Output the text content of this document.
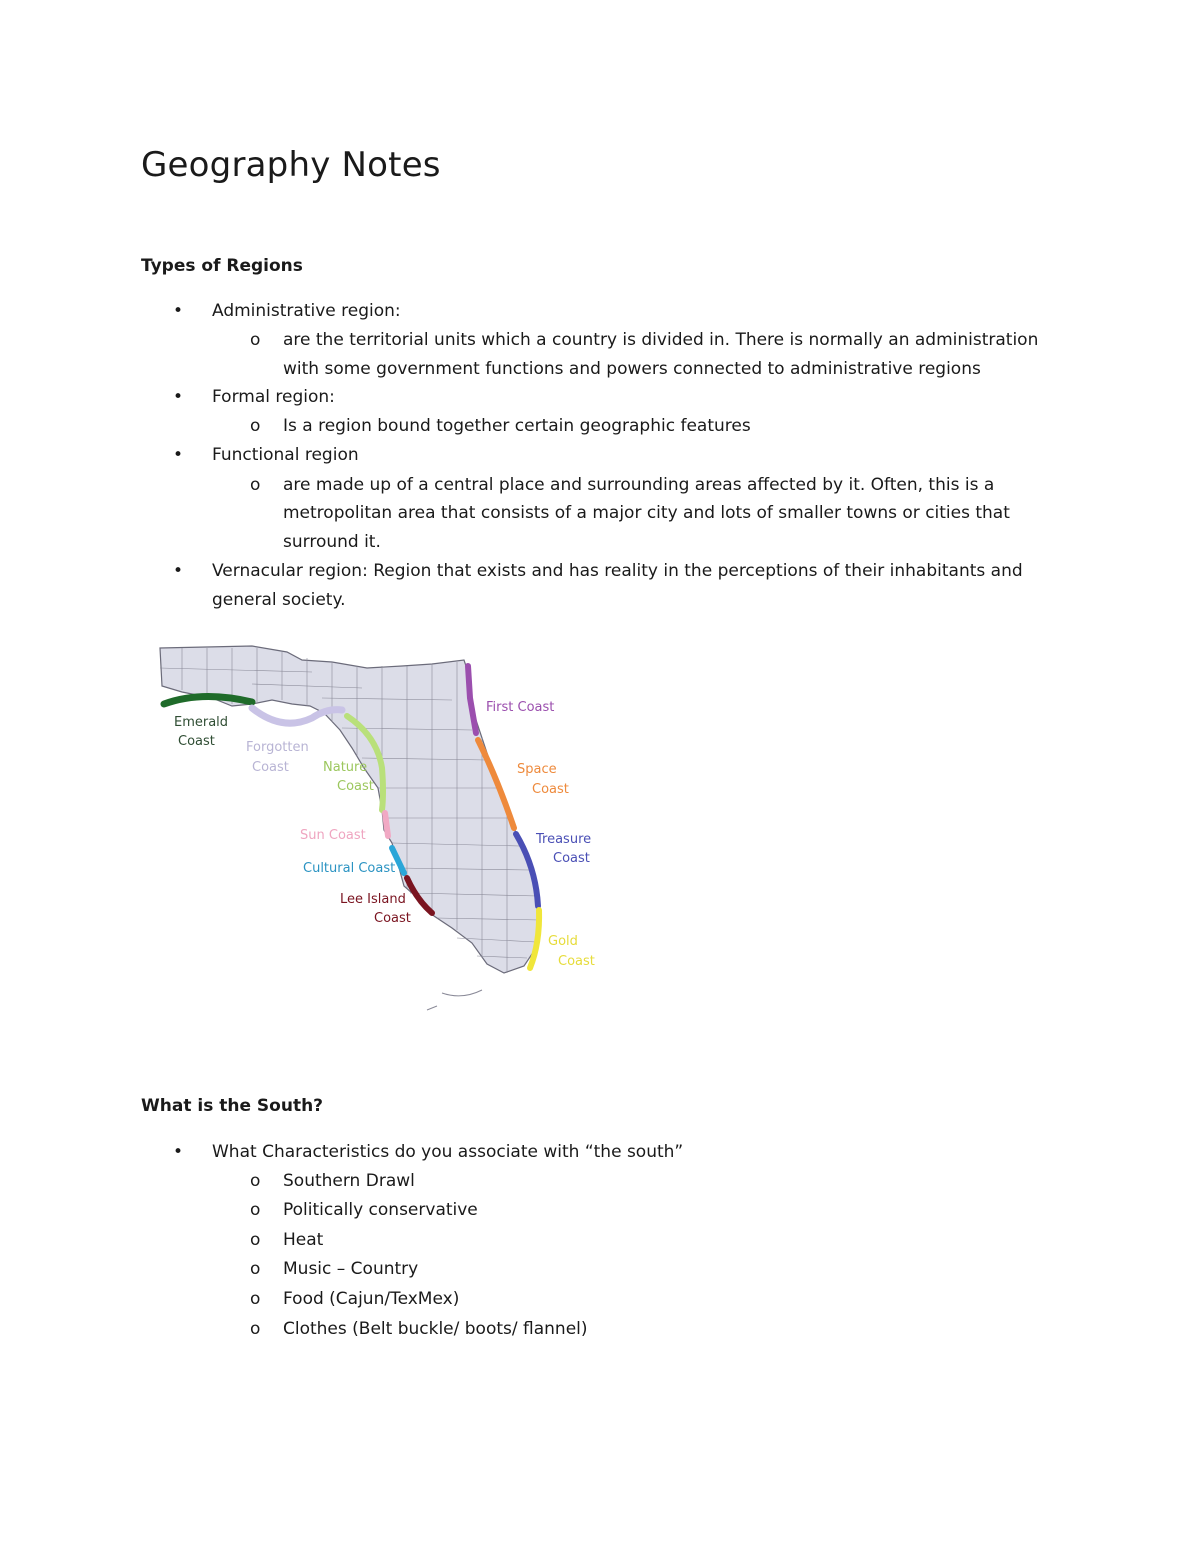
Geography Notes
Types of Regions
• Administrative region:
o are the territorial units which a country is divided in. There is normally an administration
with some government functions and powers connected to administrative regions
• Formal region:
o Is a region bound together certain geographic features
• Functional region
o are made up of a central place and surrounding areas affected by it. Often, this is a
metropolitan area that consists of a major city and lots of smaller towns or cities that
surround it.
• Vernacular region: Region that exists and has reality in the perceptions of their inhabitants and
general society.
Emerald
Coast Forgotten
Coast	Nature
Coast
Sun Coast
Cultural Coast
Lee Island
Coast
First Coast
Space
Coast
Treasure
Coast
Gold
Coast
What is the South?
• What Characteristics do you associate with “the south”
o Southern Drawl
o Politically conservative
o Heat
o Music – Country
o Food (Cajun/TexMex)
o Clothes (Belt buckle/ boots/ flannel)
